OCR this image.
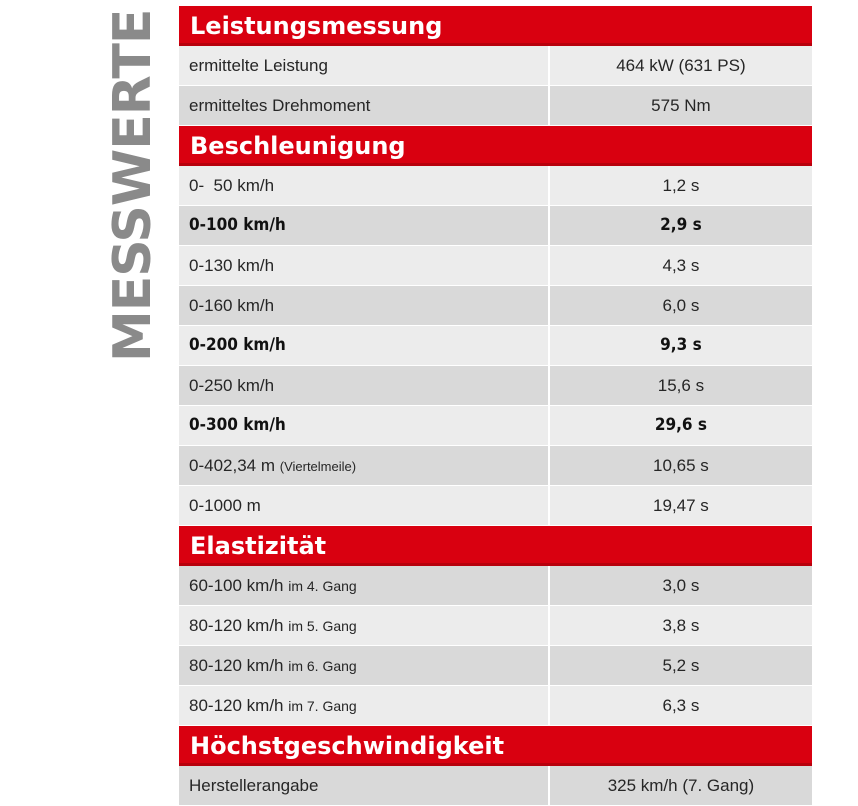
MESSWERTE	Leistungsmessung
ermittelte Leistung	464 kW (631 PS)
ermitteltes Drehmoment	575 Nm
Beschleunigung
0-  50 km/h	1,2 s
0-100 km/h	2,9 s
0-130 km/h	4,3 s
0-160 km/h	6,0 s
0-200 km/h	9,3 s
0-250 km/h	15,6 s
0-300 km/h	29,6 s
0-402,34 m (Viertelmeile)	10,65 s
0-1000 m	19,47 s
Elastizität
60-100 km/h im 4. Gang	3,0 s
80-120 km/h im 5. Gang	3,8 s
80-120 km/h im 6. Gang	5,2 s
80-120 km/h im 7. Gang	6,3 s
Höchstgeschwindigkeit
Herstellerangabe	325 km/h (7. Gang)
